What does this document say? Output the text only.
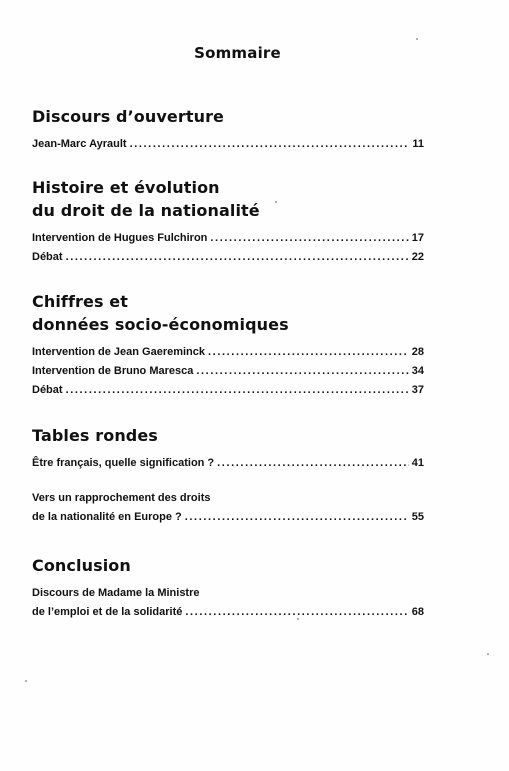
Sommaire
Discours d’ouverture
Jean-Marc Ayrault .....	11
Histoire et évolution
du droit de la nationalité
Intervention de Hugues Fulchiron .....	17
Débat .....	22
Chiffres et
données socio-économiques
Intervention de Jean Gaereminck .....	28
Intervention de Bruno Maresca .....	34
Débat .....	37
Tables rondes
Être français, quelle signification ? .....	41
Vers un rapprochement des droits
de la nationalité en Europe ? .....	55
Conclusion
Discours de Madame la Ministre
de l’emploi et de la solidarité .....	68
